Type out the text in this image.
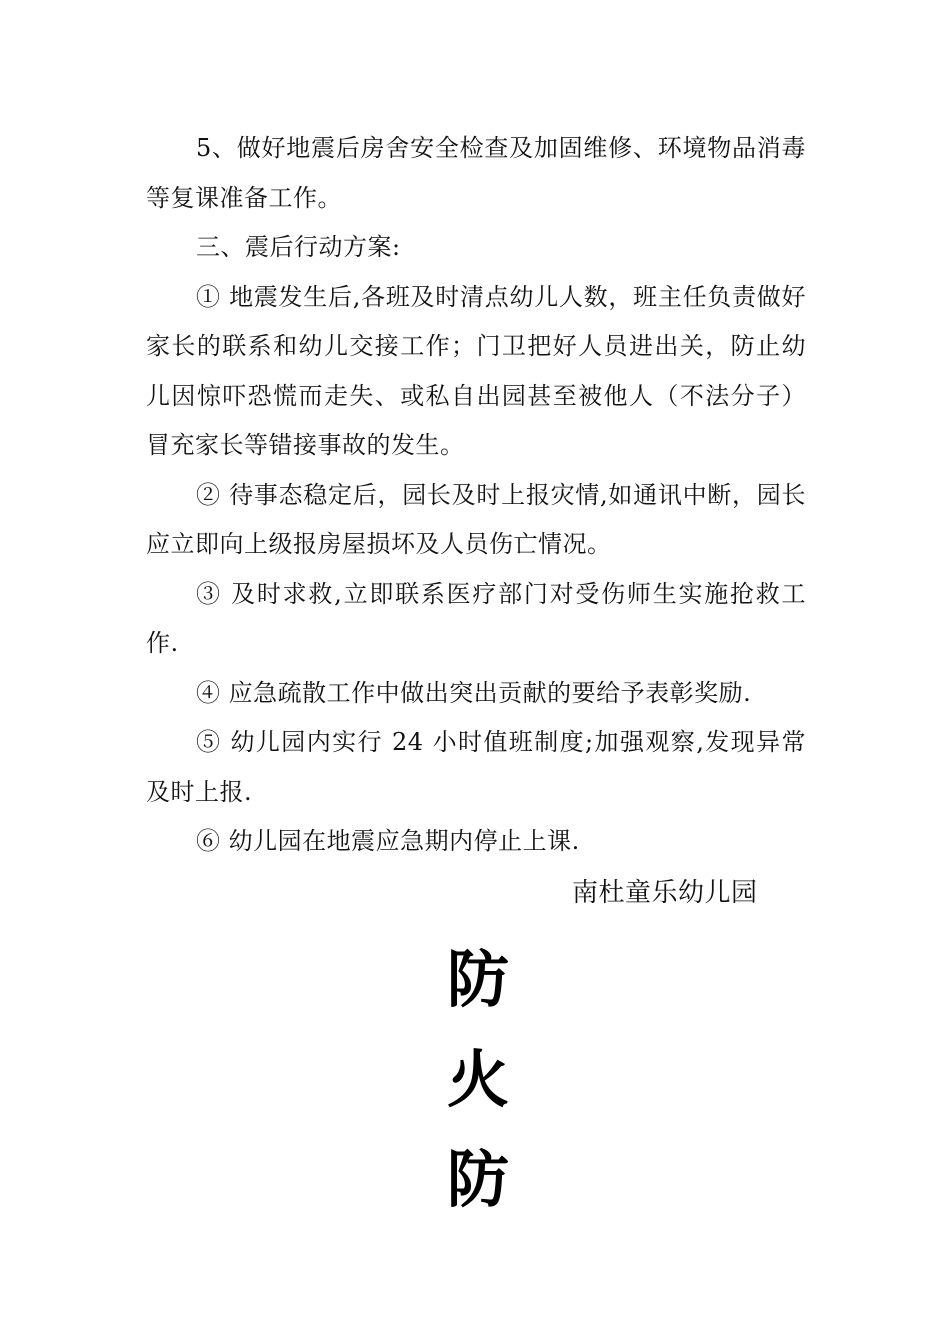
5、做好地震后房舍安全检查及加固维修、环境物品消毒等复课准备工作。

三、震后行动方案:

① 地震发生后,各班及时清点幼儿人数，班主任负责做好家长的联系和幼儿交接工作；门卫把好人员进出关，防止幼儿因惊吓恐慌而走失、或私自出园甚至被他人（不法分子）冒充家长等错接事故的发生。

② 待事态稳定后，园长及时上报灾情,如通讯中断，园长应立即向上级报房屋损坏及人员伤亡情况。

③ 及时求救,立即联系医疗部门对受伤师生实施抢救工作.

④ 应急疏散工作中做出突出贡献的要给予表彰奖励.

⑤ 幼儿园内实行 24 小时值班制度;加强观察,发现异常及时上报.

⑥ 幼儿园在地震应急期内停止上课.

南杜童乐幼儿园
防
火
防
